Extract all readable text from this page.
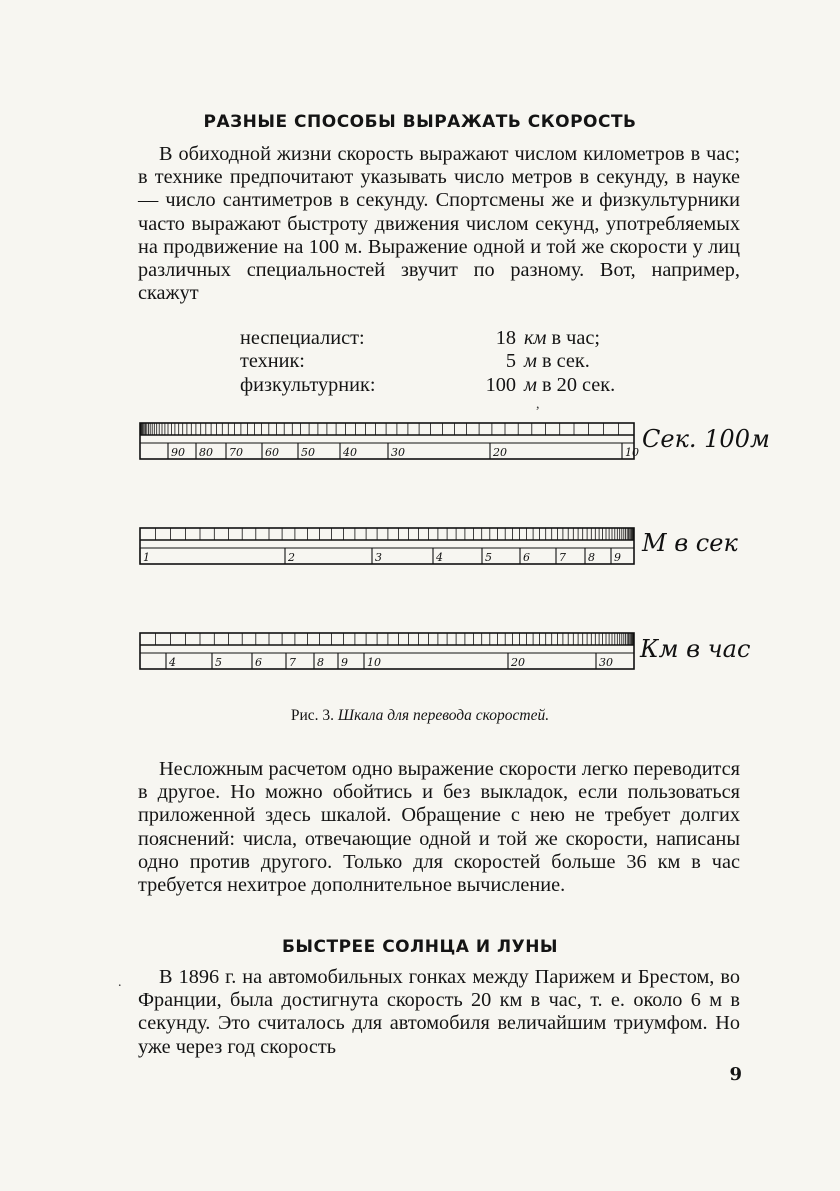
РАЗНЫЕ СПОСОБЫ ВЫРАЖАТЬ СКОРОСТЬ

В обиходной жизни скорость выражают числом километров в час; в технике предпочитают указывать число метров в секунду, в науке — число сантиметров в секунду. Спортсмены же и физкультурники часто выражают быстроту движения числом секунд, употребляемых на продвижение на 100 м. Выражение одной и той же скорости у лиц различных специальностей звучит по разному. Вот, например, скажут

неспециалист:	18 км в час;
техник:	5 м в сек.
физкультурник:	100 м в 20 сек.
,
90 80 70 60 50	40	30	20	10 Сек. 100м
1	2	3	4	5	6	7 8 9
М в сек
4	5	6 7 8 9 10	20	30 Км в час
Рис. 3. Шкала для перевода скоростей.

Несложным расчетом одно выражение скорости легко переводится в другое. Но можно обойтись и без выкладок, если пользоваться приложенной здесь шкалой. Обращение с нею не требует долгих пояснений: числа, отвечающие одной и той же скорости, написаны одно против другого. Только для скоростей больше 36 км в час требуется нехитрое дополнительное вычисление.

БЫСТРЕЕ СОЛНЦА И ЛУНЫ
.	В 1896 г. на автомобильных гонках между Парижем и Брестом, во Франции, была достигнута скорость 20 км в час, т. е. около 6 м в секунду. Это считалось для автомобиля величайшим триумфом. Но уже через год скорость

9
